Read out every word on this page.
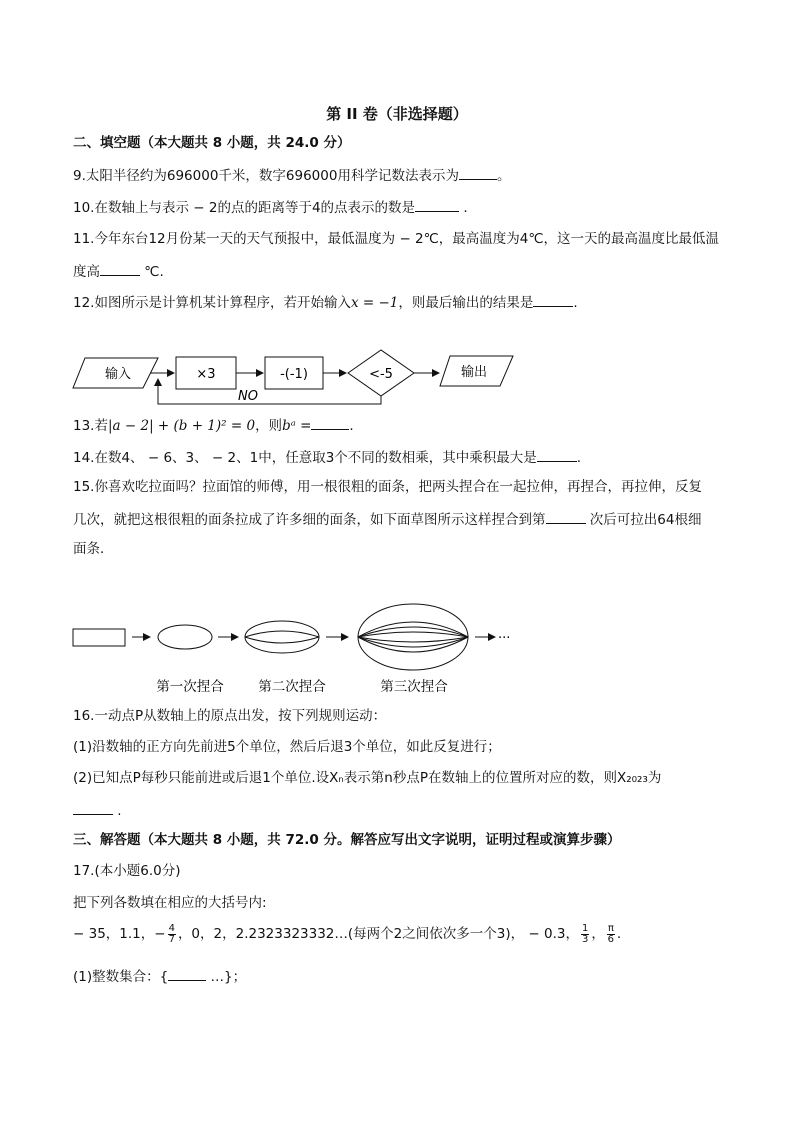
第 II 卷（非选择题）
二、填空题（本大题共 8 小题，共 24.0 分）
9.太阳半径约为696000千米，数字696000用科学记数法表示为	。
10.在数轴上与表示 − 2的点的距离等于4的点表示的数是	.
11.今年东台12月份某一天的天气预报中，最低温度为 − 2℃，最高温度为4℃，这一天的最高温度比最低温
度高	℃.
12.如图所示是计算机某计算程序，若开始输入x = −1，则最后输出的结果是	.
输入	×3	-(-1)	<-5	输出
NO
13.若|a − 2| + (b + 1)² = 0，则bᵃ =	.
14.在数4、 − 6、3、 − 2、1中，任意取3个不同的数相乘，其中乘积最大是	.
15.你喜欢吃拉面吗？拉面馆的师傅，用一根很粗的面条，把两头捏合在一起拉伸，再捏合，再拉伸，反复
几次，就把这根很粗的面条拉成了许多细的面条，如下面草图所示这样捏合到第	次后可拉出64根细
面条．
···
第一次捏合	第二次捏合	第三次捏合
16.一动点P从数轴上的原点出发，按下列规则运动：
(1)沿数轴的正方向先前进5个单位，然后后退3个单位，如此反复进行；
(2)已知点P每秒只能前进或后退1个单位.设Xₙ表示第n秒点P在数轴上的位置所对应的数，则X₂₀₂₃为
.
三、解答题（本大题共 8 小题，共 72.0 分。解答应写出文字说明，证明过程或演算步骤）
17.(本小题6.0分)
把下列各数填在相应的大括号内:
− 35，1.1，− $\frac{4}{7}$ ，0，2，2.2323323332…(每两个2之间依次多一个3)， − 0.3， $\frac{1}{3}$ ， $\frac{\pi}{6}$ .
(1)整数集合：{	…}；
